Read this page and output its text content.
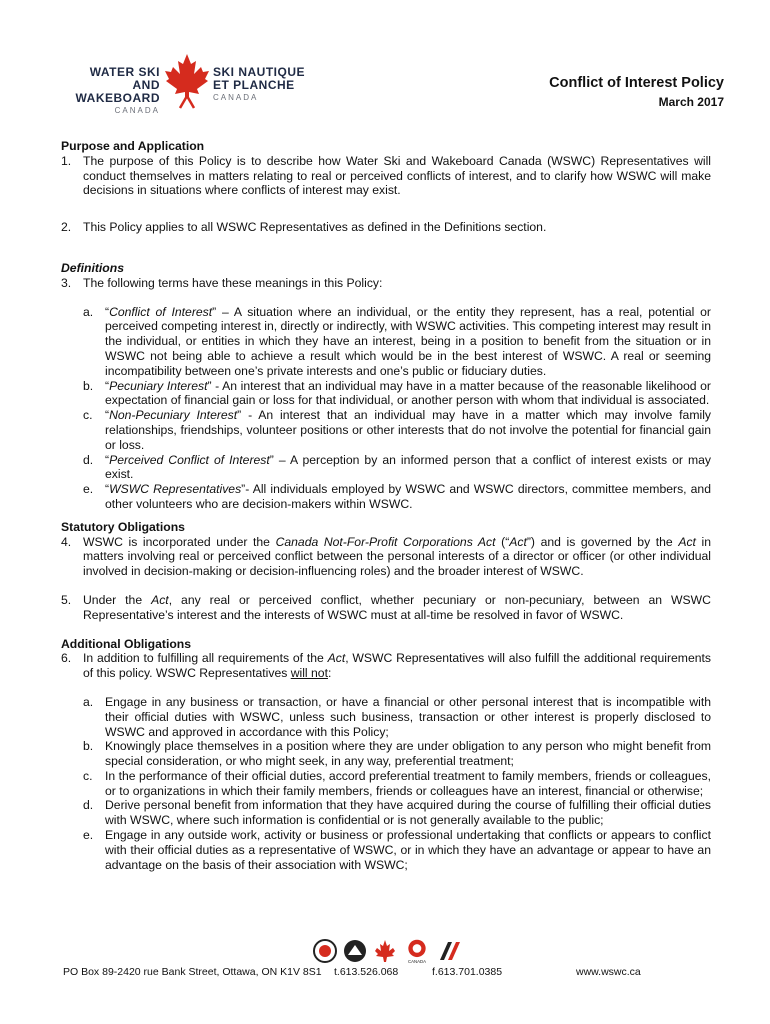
WATER SKI AND
WAKEBOARD
CANADA
SKI NAUTIQUE
ET PLANCHE
CANADA
Conflict of Interest Policy
March 2017
Purpose and Application
1. The purpose of this Policy is to describe how Water Ski and Wakeboard Canada (WSWC) Representatives will conduct themselves in matters relating to real or perceived conflicts of interest, and to clarify how WSWC will make decisions in situations where conflicts of interest may exist.
2. This Policy applies to all WSWC Representatives as defined in the Definitions section.
Definitions
3. The following terms have these meanings in this Policy:
a. “Conflict of Interest” – A situation where an individual, or the entity they represent, has a real, potential or perceived competing interest in, directly or indirectly, with WSWC activities. This competing interest may result in the individual, or entities in which they have an interest, being in a position to benefit from the situation or in WSWC not being able to achieve a result which would be in the best interest of WSWC. A real or seeming incompatibility between one’s private interests and one’s public or fiduciary duties.
b. “Pecuniary Interest” - An interest that an individual may have in a matter because of the reasonable likelihood or expectation of financial gain or loss for that individual, or another person with whom that individual is associated.
c. “Non-Pecuniary Interest” - An interest that an individual may have in a matter which may involve family relationships, friendships, volunteer positions or other interests that do not involve the potential for financial gain or loss.
d. “Perceived Conflict of Interest” – A perception by an informed person that a conflict of interest exists or may exist.
e. “WSWC Representatives”- All individuals employed by WSWC and WSWC directors, committee members, and other volunteers who are decision-makers within WSWC.
Statutory Obligations
4. WSWC is incorporated under the Canada Not-For-Profit Corporations Act (“Act”) and is governed by the Act in matters involving real or perceived conflict between the personal interests of a director or officer (or other individual involved in decision-making or decision-influencing roles) and the broader interest of WSWC.
5. Under the Act, any real or perceived conflict, whether pecuniary or non-pecuniary, between an WSWC Representative’s interest and the interests of WSWC must at all-time be resolved in favor of WSWC.
Additional Obligations
6. In addition to fulfilling all requirements of the Act, WSWC Representatives will also fulfill the additional requirements of this policy. WSWC Representatives will not:
a. Engage in any business or transaction, or have a financial or other personal interest that is incompatible with their official duties with WSWC, unless such business, transaction or other interest is properly disclosed to WSWC and approved in accordance with this Policy;
b. Knowingly place themselves in a position where they are under obligation to any person who might benefit from special consideration, or who might seek, in any way, preferential treatment;
c. In the performance of their official duties, accord preferential treatment to family members, friends or colleagues, or to organizations in which their family members, friends or colleagues have an interest, financial or otherwise;
d. Derive personal benefit from information that they have acquired during the course of fulfilling their official duties with WSWC, where such information is confidential or is not generally available to the public;
e. Engage in any outside work, activity or business or professional undertaking that conflicts or appears to conflict with their official duties as a representative of WSWC, or in which they have an advantage or appear to have an advantage on the basis of their association with WSWC;
CANADA
PO Box 89-2420 rue Bank Street, Ottawa, ON K1V 8S1 t.613.526.068	f.613.701.0385	www.wswc.ca
